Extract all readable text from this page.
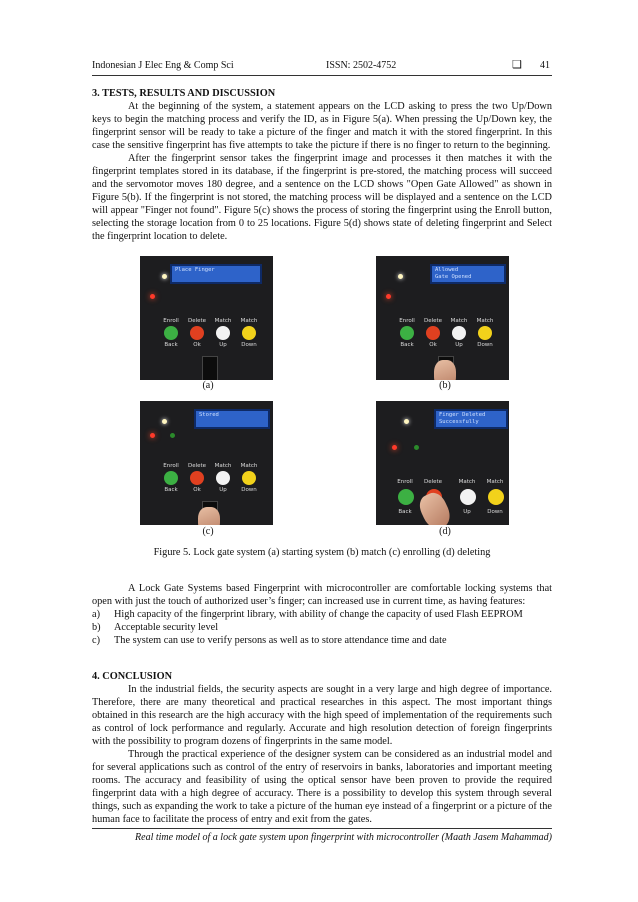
Indonesian J Elec Eng & Comp Sci	ISSN: 2502-4752	❑ 41
3. TESTS, RESULTS AND DISCUSSION
At the beginning of the system, a statement appears on the LCD asking to press the two Up/Down keys to begin the matching process and verify the ID, as in Figure 5(a). When pressing the Up/Down key, the fingerprint sensor will be ready to take a picture of the finger and match it with the stored fingerprint. In this case the sensitive fingerprint has five attempts to take the picture if there is no finger to return to the beginning.
After the fingerprint sensor takes the fingerprint image and processes it then matches it with the fingerprint templates stored in its database, if the fingerprint is pre-stored, the matching process will succeed and the servomotor moves 180 degree, and a sentence on the LCD shows "Open Gate Allowed" as shown in Figure 5(b). If the fingerprint is not stored, the matching process will be displayed and a sentence on the LCD will appear "Finger not found". Figure 5(c) shows the process of storing the fingerprint using the Enroll button, selecting the storage location from 0 to 25 locations. Figure 5(d) shows state of deleting fingerprint and Select the fingerprint location to delete.
Place Finger
Enroll	Delete	Match	Match
Back	Ok	Up	Down
(a)
Allowed
Gate Opened
Enroll	Delete	Match	Match
Back	Ok	Up	Down
(b)
Stored
Enroll	Delete	Match	Match
Back	Ok	Up	Down
(c)
Finger Deleted
Successfully
Enroll	Delete	Match	Match
Back	Up	Down
(d)
Figure 5. Lock gate system (a) starting system (b) match (c) enrolling (d) deleting
A Lock Gate Systems based Fingerprint with microcontroller are comfortable locking systems that open with just the touch of authorized user’s finger; can increased use in current time, as having features:
a)	High capacity of the fingerprint library, with ability of change the capacity of used Flash EEPROM
b)	Acceptable security level
c)	The system can use to verify persons as well as to store attendance time and date
4. CONCLUSION
In the industrial fields, the security aspects are sought in a very large and high degree of importance. Therefore, there are many theoretical and practical researches in this aspect. The most important things obtained in this research are the high accuracy with the high speed of implementation of the requirements such as control of lock performance and regularly. Accurate and high resolution detection of foreign fingerprints with the possibility to program dozens of fingerprints in the same model.
Through the practical experience of the designer system can be considered as an industrial model and for several applications such as control of the entry of reservoirs in banks, laboratories and important meeting rooms. The accuracy and feasibility of using the optical sensor have been proven to provide the required fingerprint data with a high degree of accuracy. There is a possibility to develop this system through several things, such as expanding the work to take a picture of the human eye instead of a fingerprint or a picture of the human face to facilitate the process of entry and exit from the gates.
Real time model of a lock gate system upon fingerprint with microcontroller (Maath Jasem Mahammad)
